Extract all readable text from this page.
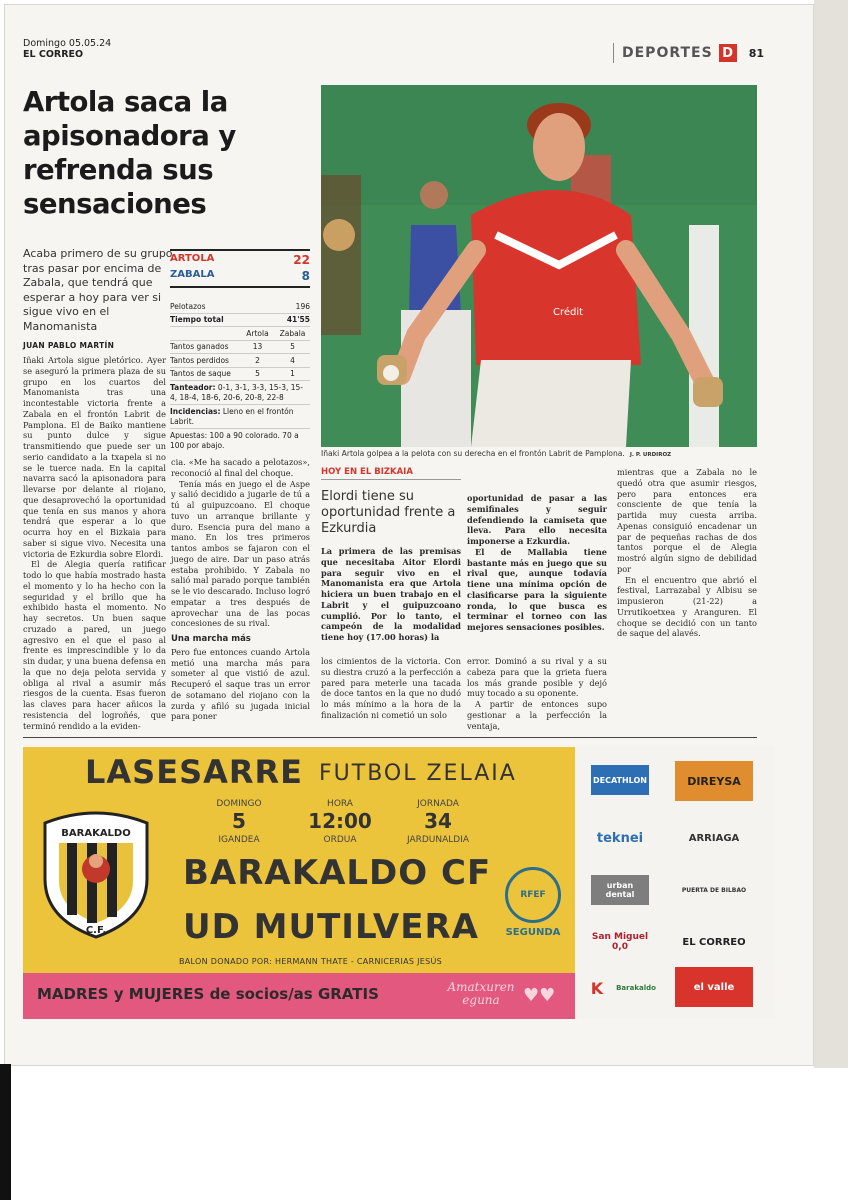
Domingo 05.05.24
EL CORREO	DEPORTES D	81
Artola saca la apisonadora y refrenda sus sensaciones
Acaba primero de su grupo tras pasar por encima de Zabala, que tendrá que esperar a hoy para ver si sigue vivo en el Manomanista
JUAN PABLO MARTÍN
ARTOLA	22
ZABALA	8
Pelotazos	196
Tiempo total	41'55
Artola	Zabala
Tantos ganados	13	5
Tantos perdidos	2	4
Tantos de saque	5	1
Tanteador: 0-1, 3-1, 3-3, 15-3, 15-4, 18-4, 18-6, 20-6, 20-8, 22-8
Incidencias: Lleno en el frontón Labrit.
Apuestas: 100 a 90 colorado. 70 a 100 por abajo.

Iñaki Artola sigue pletórico. Ayer se aseguró la primera plaza de su grupo en los cuartos del Manomanista tras una incontestable victoria frente a Zabala en el frontón Labrit de Pamplona. El de Baiko mantiene su punto dulce y sigue transmitiendo que puede ser un serio candidato a la txapela si no se le tuerce nada. En la capital navarra sacó la apisonadora para llevarse por delante al riojano, que desaprovechó la oportunidad que tenía en sus manos y ahora tendrá que esperar a lo que ocurra hoy en el Bizkaia para saber si sigue vivo. Necesita una victoria de Ezkurdia sobre Elordi.

El de Alegia quería ratificar todo lo que había mostrado hasta el momento y lo ha hecho con la seguridad y el brillo que ha exhibido hasta el momento. No hay secretos. Un buen saque cruzado a pared, un juego agresivo en el que el paso al frente es imprescindible y lo da sin dudar, y una buena defensa en la que no deja pelota servida y obliga al rival a asumir más riesgos de la cuenta. Esas fueron las claves para hacer añicos la resistencia del logroñés, que terminó rendido a la eviden-

cia. «Me ha sacado a pelotazos», reconoció al final del choque.

Tenía más en juego el de Aspe y salió decidido a jugarle de tú a tú al guipuzcoano. El choque tuvo un arranque brillante y duro. Esencia pura del mano a mano. En los tres primeros tantos ambos se fajaron con el juego de aire. Dar un paso atrás estaba prohibido. Y Zabala no salió mal parado porque también se le vio descarado. Incluso logró empatar a tres después de aprovechar una de las pocas concesiones de su rival.

Una marcha más

Pero fue entonces cuando Artola metió una marcha más para someter al que vistió de azul. Recuperó el saque tras un error de sotamano del riojano con la zurda y afiló su jugada inicial para poner

Crédit
Iñaki Artola golpea a la pelota con su derecha en el frontón Labrit de Pamplona. J. P. URDIROZ
HOY EN EL BIZKAIA
Elordi tiene su oportunidad frente a Ezkurdia
La primera de las premisas que necesitaba Aitor Elordi para seguir vivo en el Manomanista era que Artola hiciera un buen trabajo en el Labrit y el guipuzcoano cumplió. Por lo tanto, el campeón de la modalidad tiene hoy (17.00 horas) la
los cimientos de la victoria. Con su diestra cruzó a la perfección a pared para meterle una tacada de doce tantos en la que no dudó lo más mínimo a la hora de la finalización ni cometió un solo

oportunidad de pasar a las semifinales y seguir defendiendo la camiseta que lleva. Para ello necesita imponerse a Ezkurdia.

El de Mallabia tiene bastante más en juego que su rival que, aunque todavía tiene una mínima opción de clasificarse para la siguiente ronda, lo que busca es terminar el torneo con las mejores sensaciones posibles.

error. Dominó a su rival y a su cabeza para que la grieta fuera los más grande posible y dejó muy tocado a su oponente.

A partir de entonces supo gestionar a la perfección la ventaja,

mientras que a Zabala no le quedó otra que asumir riesgos, pero para entonces era consciente de que tenía la partida muy cuesta arriba. Apenas consiguió encadenar un par de pequeñas rachas de dos tantos porque el de Alegia mostró algún signo de debilidad por

En el encuentro que abrió el festival, Larrazabal y Albisu se impusieron (21-22) a Urrutikoetxea y Aranguren. El choque se decidió con un tanto de saque del alavés.

LASESARRE FUTBOL ZELAIA
DOMINGO
5
IGANDEA
HORA
12:00
ORDUA
JORNADA
34
JARDUNALDIA
BARAKALDO
C.F.
BARAKALDO CF
UD MUTILVERA
RFEF
SEGUNDA
BALON DONADO POR: HERMANN THATE - CARNICERIAS JESÚS
MADRES y MUJERES de socios/as GRATIS	Amatxuren eguna	♥♥
DECATHLON	DIREYSA
teknei	ARRIAGA
urban dental	PUERTA DE BILBAO
San Miguel 0,0	EL CORREO
K	Barakaldo	el valle
